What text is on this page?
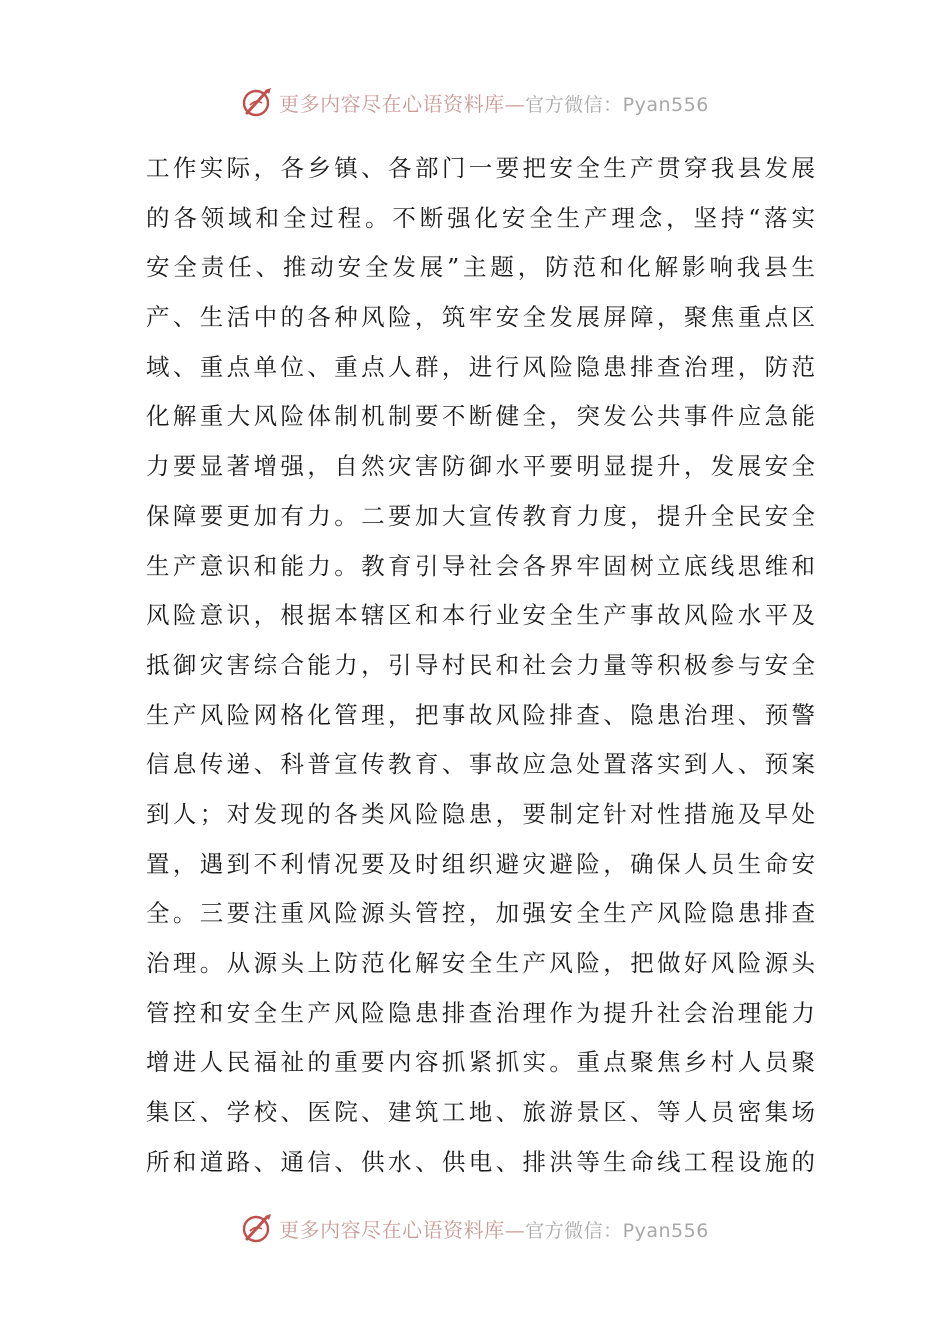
更多内容尽在心语资料库—官方微信：Pyan556
工作实际，各乡镇、各部门一要把安全生产贯穿我县发展
的各领域和全过程。不断强化安全生产理念，坚持“落实
安全责任、推动安全发展”主题，防范和化解影响我县生
产、生活中的各种风险，筑牢安全发展屏障，聚焦重点区
域、重点单位、重点人群，进行风险隐患排查治理，防范
化解重大风险体制机制要不断健全，突发公共事件应急能
力要显著增强，自然灾害防御水平要明显提升，发展安全
保障要更加有力。二要加大宣传教育力度，提升全民安全
生产意识和能力。教育引导社会各界牢固树立底线思维和
风险意识，根据本辖区和本行业安全生产事故风险水平及
抵御灾害综合能力，引导村民和社会力量等积极参与安全
生产风险网格化管理，把事故风险排查、隐患治理、预警
信息传递、科普宣传教育、事故应急处置落实到人、预案
到人；对发现的各类风险隐患，要制定针对性措施及早处
置，遇到不利情况要及时组织避灾避险，确保人员生命安
全。三要注重风险源头管控，加强安全生产风险隐患排查
治理。从源头上防范化解安全生产风险，把做好风险源头
管控和安全生产风险隐患排查治理作为提升社会治理能力
增进人民福祉的重要内容抓紧抓实。重点聚焦乡村人员聚
集区、学校、医院、建筑工地、旅游景区、等人员密集场
所和道路、通信、供水、供电、排洪等生命线工程设施的
更多内容尽在心语资料库—官方微信：Pyan556
